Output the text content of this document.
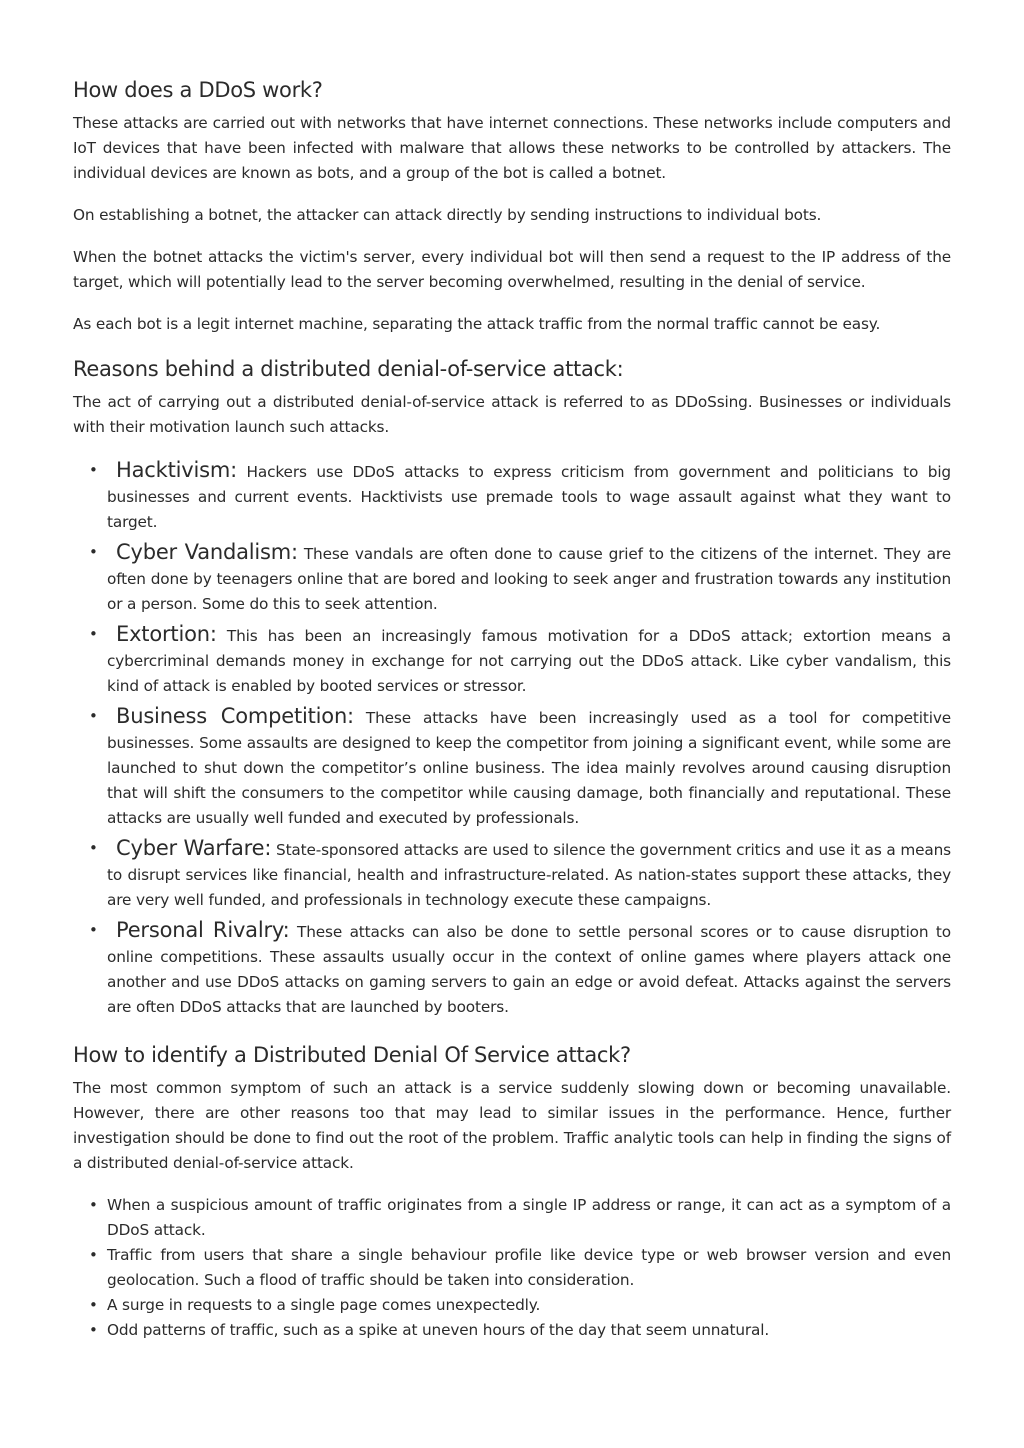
How does a DDoS work?

These attacks are carried out with networks that have internet connections. These networks include computers and IoT devices that have been infected with malware that allows these networks to be controlled by attackers. The individual devices are known as bots, and a group of the bot is called a botnet.

On establishing a botnet, the attacker can attack directly by sending instructions to individual bots.

When the botnet attacks the victim's server, every individual bot will then send a request to the IP address of the target, which will potentially lead to the server becoming overwhelmed, resulting in the denial of service.

As each bot is a legit internet machine, separating the attack traffic from the normal traffic cannot be easy.

Reasons behind a distributed denial-of-service attack:

The act of carrying out a distributed denial-of-service attack is referred to as DDoSsing. Businesses or individuals with their motivation launch such attacks.

• Hacktivism: Hackers use DDoS attacks to express criticism from government and politicians to big businesses and current events. Hacktivists use premade tools to wage assault against what they want to target.
• Cyber Vandalism: These vandals are often done to cause grief to the citizens of the internet. They are often done by teenagers online that are bored and looking to seek anger and frustration towards any institution or a person. Some do this to seek attention.
• Extortion: This has been an increasingly famous motivation for a DDoS attack; extortion means a cybercriminal demands money in exchange for not carrying out the DDoS attack. Like cyber vandalism, this kind of attack is enabled by booted services or stressor.
• Business Competition: These attacks have been increasingly used as a tool for competitive businesses. Some assaults are designed to keep the competitor from joining a significant event, while some are launched to shut down the competitor’s online business. The idea mainly revolves around causing disruption that will shift the consumers to the competitor while causing damage, both financially and reputational. These attacks are usually well funded and executed by professionals.
• Cyber Warfare: State-sponsored attacks are used to silence the government critics and use it as a means to disrupt services like financial, health and infrastructure-related. As nation-states support these attacks, they are very well funded, and professionals in technology execute these campaigns.
• Personal Rivalry: These attacks can also be done to settle personal scores or to cause disruption to online competitions. These assaults usually occur in the context of online games where players attack one another and use DDoS attacks on gaming servers to gain an edge or avoid defeat. Attacks against the servers are often DDoS attacks that are launched by booters.
How to identify a Distributed Denial Of Service attack?

The most common symptom of such an attack is a service suddenly slowing down or becoming unavailable. However, there are other reasons too that may lead to similar issues in the performance. Hence, further investigation should be done to find out the root of the problem. Traffic analytic tools can help in finding the signs of a distributed denial-of-service attack.

• When a suspicious amount of traffic originates from a single IP address or range, it can act as a symptom of a DDoS attack.
• Traffic from users that share a single behaviour profile like device type or web browser version and even geolocation. Such a flood of traffic should be taken into consideration.
• A surge in requests to a single page comes unexpectedly.
• Odd patterns of traffic, such as a spike at uneven hours of the day that seem unnatural.
